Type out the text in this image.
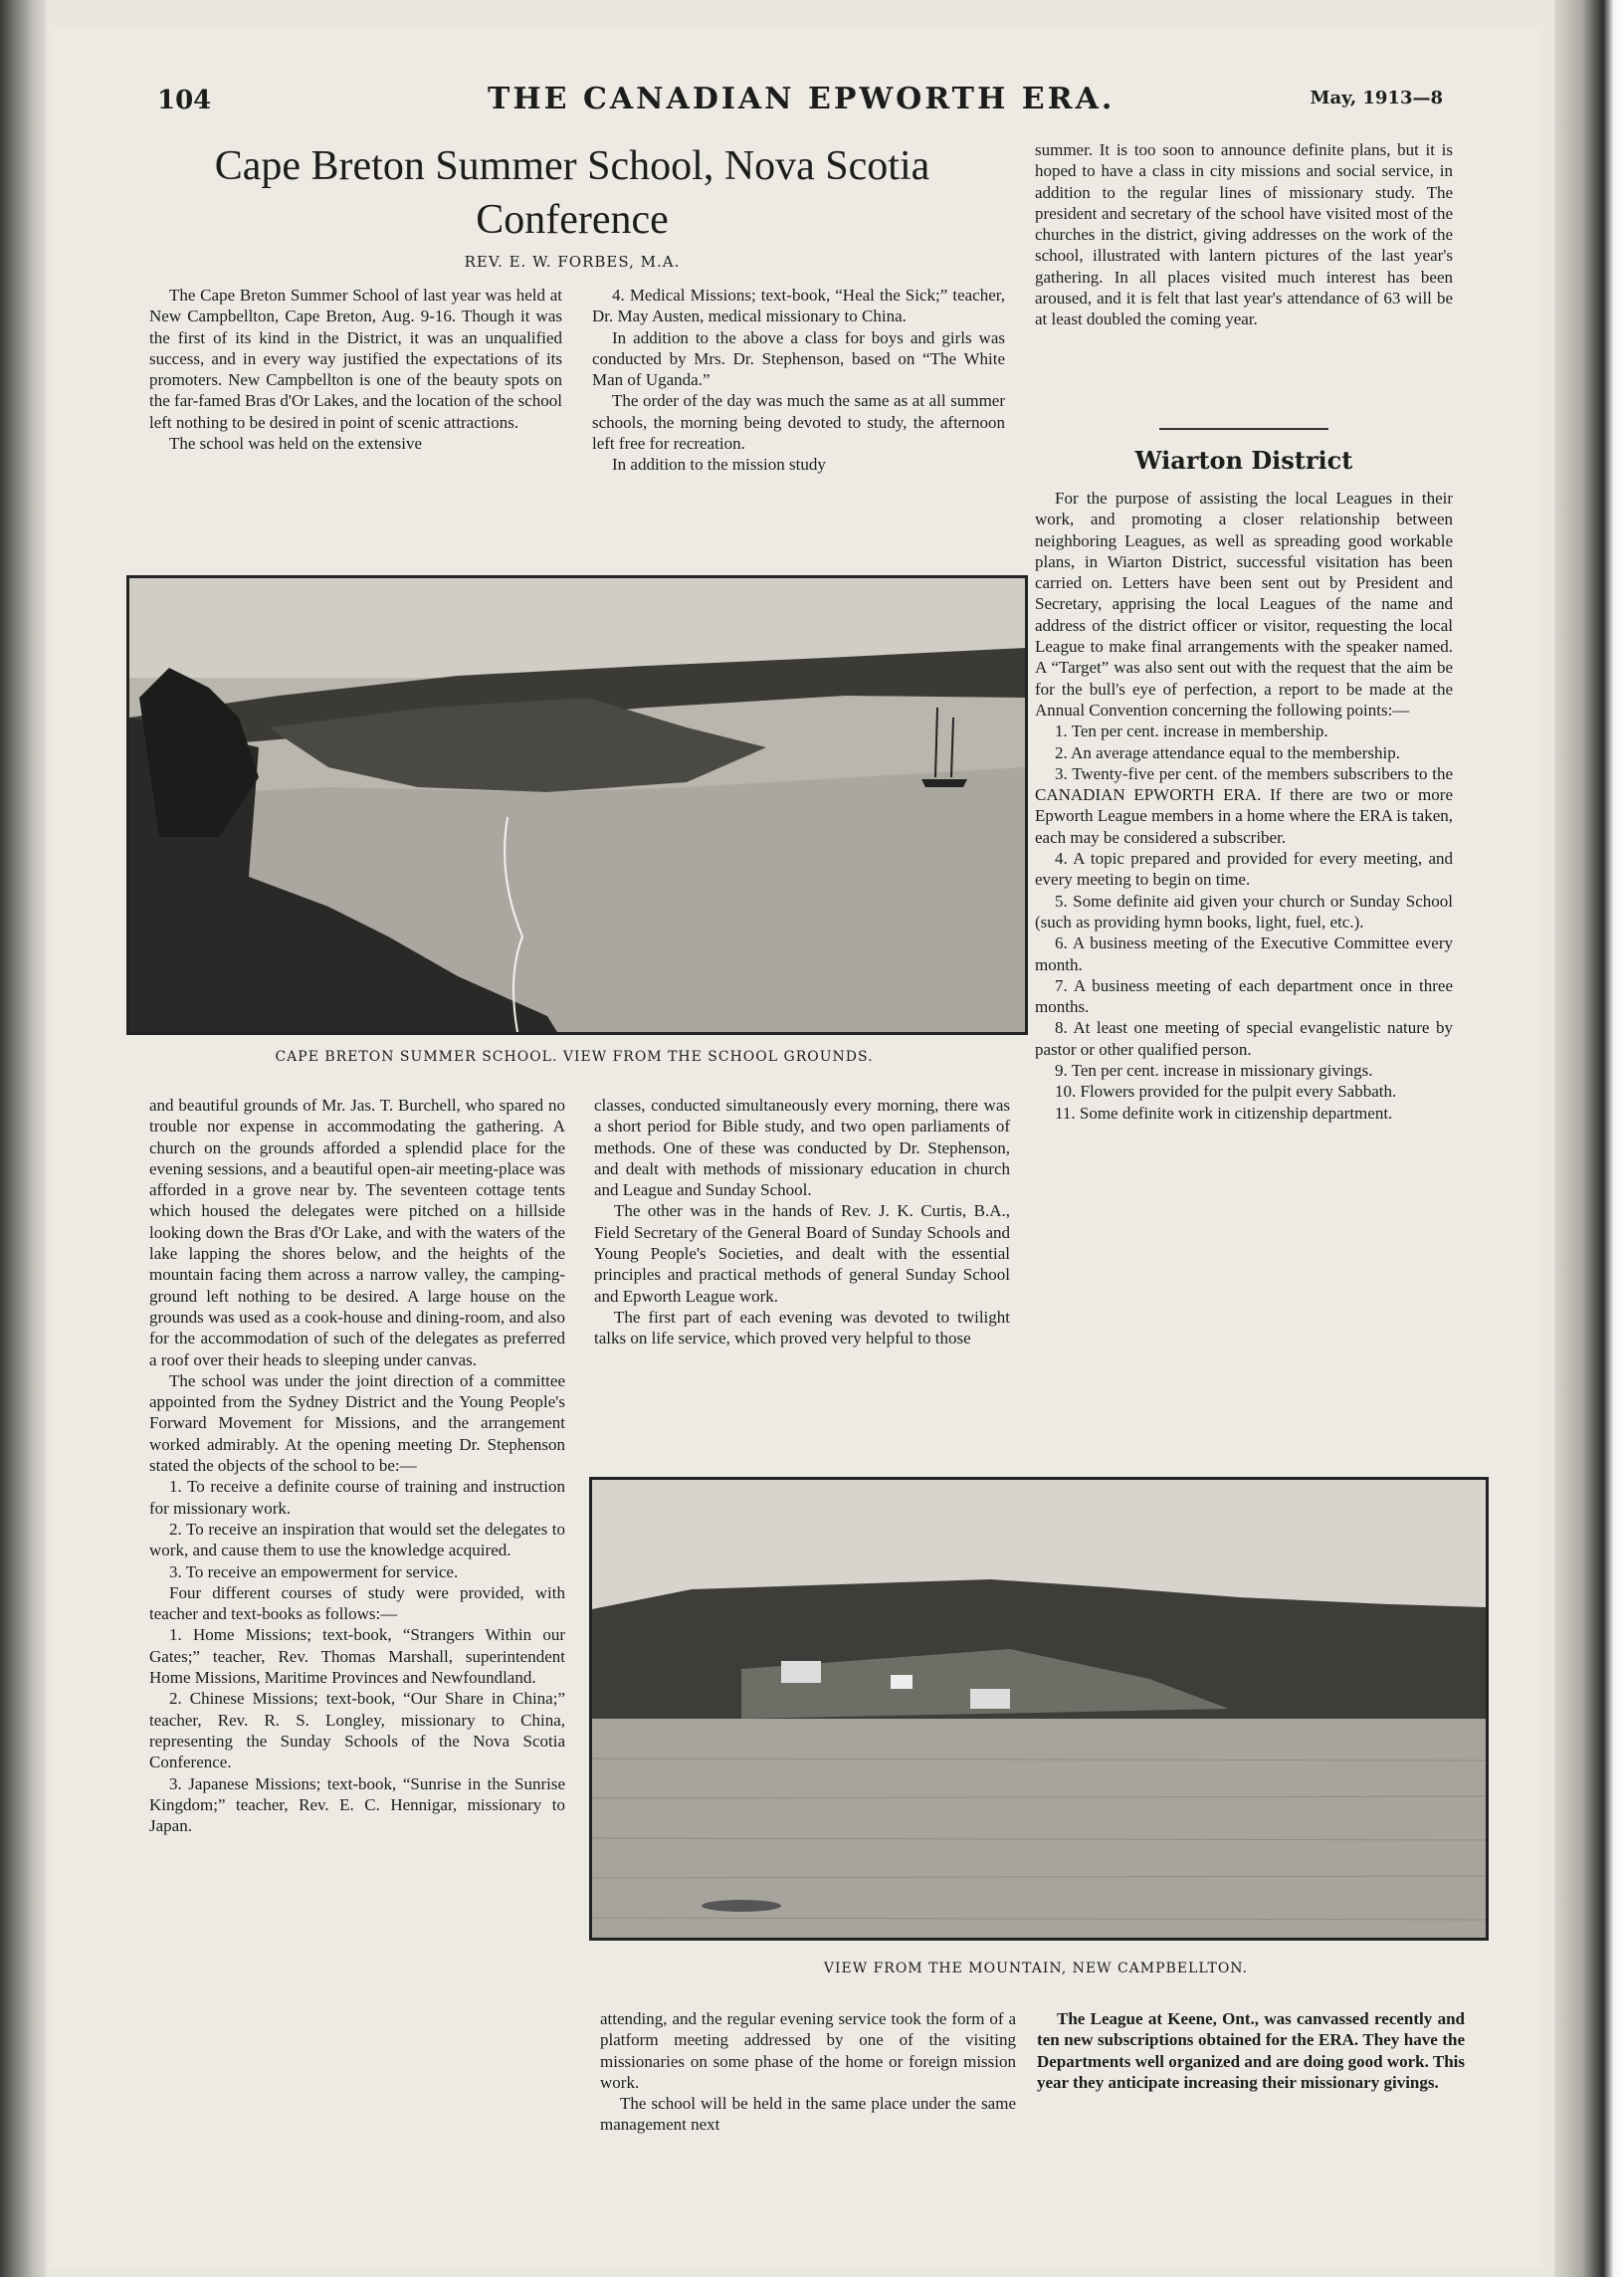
104	THE CANADIAN EPWORTH ERA.	May, 1913—8
Cape Breton Summer School, Nova Scotia
Conference
REV. E. W. FORBES, M.A.

The Cape Breton Summer School of last year was held at New Campbellton, Cape Breton, Aug. 9-16. Though it was the first of its kind in the District, it was an unqualified success, and in every way justified the expectations of its promoters. New Campbellton is one of the beauty spots on the far-famed Bras d'Or Lakes, and the location of the school left nothing to be desired in point of scenic attractions.

The school was held on the extensive

4. Medical Missions; text-book, “Heal the Sick;” teacher, Dr. May Austen, medical missionary to China.

In addition to the above a class for boys and girls was conducted by Mrs. Dr. Stephenson, based on “The White Man of Uganda.”

The order of the day was much the same as at all summer schools, the morning being devoted to study, the afternoon left free for recreation.

In addition to the mission study

CAPE BRETON SUMMER SCHOOL. VIEW FROM THE SCHOOL GROUNDS.

and beautiful grounds of Mr. Jas. T. Burchell, who spared no trouble nor expense in accommodating the gathering. A church on the grounds afforded a splendid place for the evening sessions, and a beautiful open-air meeting-place was afforded in a grove near by. The seventeen cottage tents which housed the delegates were pitched on a hillside looking down the Bras d'Or Lake, and with the waters of the lake lapping the shores below, and the heights of the mountain facing them across a narrow valley, the camping-ground left nothing to be desired. A large house on the grounds was used as a cook-house and dining-room, and also for the accommodation of such of the delegates as preferred a roof over their heads to sleeping under canvas.

The school was under the joint direction of a committee appointed from the Sydney District and the Young People's Forward Movement for Missions, and the arrangement worked admirably. At the opening meeting Dr. Stephenson stated the objects of the school to be:—

1. To receive a definite course of training and instruction for missionary work.

2. To receive an inspiration that would set the delegates to work, and cause them to use the knowledge acquired.

3. To receive an empowerment for service.

Four different courses of study were provided, with teacher and text-books as follows:—

1. Home Missions; text-book, “Strangers Within our Gates;” teacher, Rev. Thomas Marshall, superintendent Home Missions, Maritime Provinces and Newfoundland.

2. Chinese Missions; text-book, “Our Share in China;” teacher, Rev. R. S. Longley, missionary to China, representing the Sunday Schools of the Nova Scotia Conference.

3. Japanese Missions; text-book, “Sunrise in the Sunrise Kingdom;” teacher, Rev. E. C. Hennigar, missionary to Japan.

classes, conducted simultaneously every morning, there was a short period for Bible study, and two open parliaments of methods. One of these was conducted by Dr. Stephenson, and dealt with methods of missionary education in church and League and Sunday School.

The other was in the hands of Rev. J. K. Curtis, B.A., Field Secretary of the General Board of Sunday Schools and Young People's Societies, and dealt with the essential principles and practical methods of general Sunday School and Epworth League work.

The first part of each evening was devoted to twilight talks on life service, which proved very helpful to those

summer. It is too soon to announce definite plans, but it is hoped to have a class in city missions and social service, in addition to the regular lines of missionary study. The president and secretary of the school have visited most of the churches in the district, giving addresses on the work of the school, illustrated with lantern pictures of the last year's gathering. In all places visited much interest has been aroused, and it is felt that last year's attendance of 63 will be at least doubled the coming year.

Wiarton District

For the purpose of assisting the local Leagues in their work, and promoting a closer relationship between neighboring Leagues, as well as spreading good workable plans, in Wiarton District, successful visitation has been carried on. Letters have been sent out by President and Secretary, apprising the local Leagues of the name and address of the district officer or visitor, requesting the local League to make final arrangements with the speaker named. A “Target” was also sent out with the request that the aim be for the bull's eye of perfection, a report to be made at the Annual Convention concerning the following points:—

1. Ten per cent. increase in membership.

2. An average attendance equal to the membership.

3. Twenty-five per cent. of the members subscribers to the CANADIAN EPWORTH ERA. If there are two or more Epworth League members in a home where the ERA is taken, each may be considered a subscriber.

4. A topic prepared and provided for every meeting, and every meeting to begin on time.

5. Some definite aid given your church or Sunday School (such as providing hymn books, light, fuel, etc.).

6. A business meeting of the Executive Committee every month.

7. A business meeting of each department once in three months.

8. At least one meeting of special evangelistic nature by pastor or other qualified person.

9. Ten per cent. increase in missionary givings.

10. Flowers provided for the pulpit every Sabbath.

11. Some definite work in citizenship department.

VIEW FROM THE MOUNTAIN, NEW CAMPBELLTON.

attending, and the regular evening service took the form of a platform meeting addressed by one of the visiting missionaries on some phase of the home or foreign mission work.

The school will be held in the same place under the same management next

The League at Keene, Ont., was canvassed recently and ten new subscriptions obtained for the ERA. They have the Departments well organized and are doing good work. This year they anticipate increasing their missionary givings.
